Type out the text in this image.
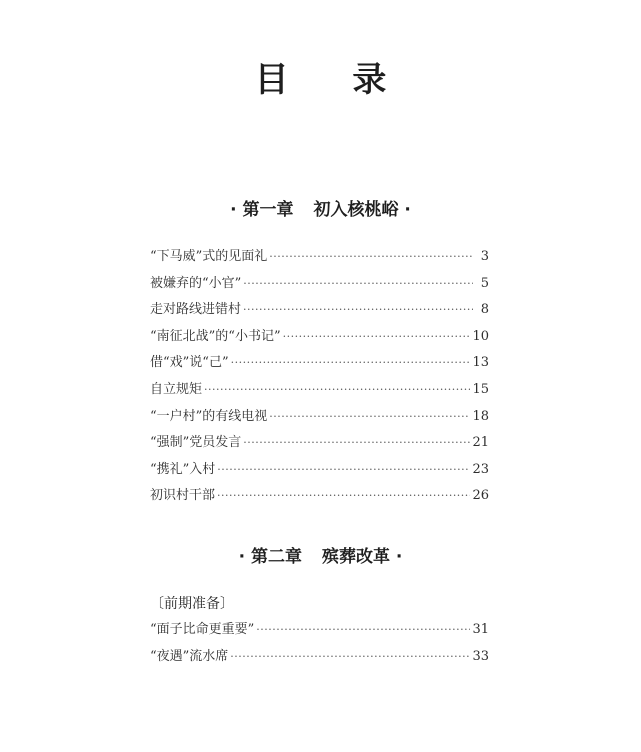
目 录
· 第一章 初入核桃峪 ·
“下马威”式的见面礼 ·····	3
被嫌弃的“小官” ·····	5
走对路线进错村 ·····	8
“南征北战”的“小书记” ·····	10
借“戏”说“己” ·····	13
自立规矩 ·····	15
“一户村”的有线电视 ·····	18
“强制”党员发言 ·····	21
“携礼”入村 ·····	23
初识村干部 ·····	26
· 第二章 殡葬改革 ·
〔前期准备〕
“面子比命更重要” ·····	31
“夜遇”流水席 ·····	33
